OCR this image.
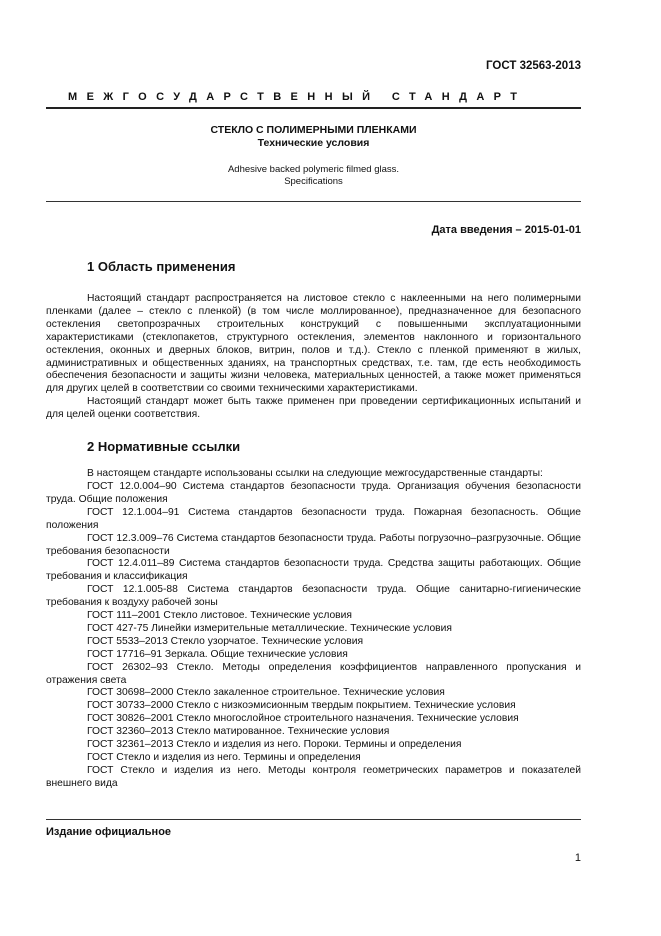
ГОСТ 32563-2013

МЕЖГОСУДАРСТВЕННЫЙ СТАНДАРТ
СТЕКЛО С ПОЛИМЕРНЫМИ ПЛЕНКАМИ
Технические условия
Adhesive backed polymeric filmed glass.
Specifications
Дата введения – 2015-01-01
1 Область применения

Настоящий стандарт распространяется на листовое стекло с наклеенными на него полимерными пленками (далее – стекло с пленкой) (в том числе моллированное), предназначенное для безопасного остекления светопрозрачных строительных конструкций с повышенными эксплуатационными характеристиками (стеклопакетов, структурного остекления, элементов наклонного и горизонтального остекления, оконных и дверных блоков, витрин, полов и т.д.). Стекло с пленкой применяют в жилых, административных и общественных зданиях, на транспортных средствах, т.е. там, где есть необходимость обеспечения безопасности и защиты жизни человека, материальных ценностей, а также может применяться для других целей в соответствии со своими техническими характеристиками.

Настоящий стандарт может быть также применен при проведении сертификационных испытаний и для целей оценки соответствия.

2 Нормативные ссылки

В настоящем стандарте использованы ссылки на следующие межгосударственные стандарты:

ГОСТ 12.0.004–90 Система стандартов безопасности труда. Организация обучения безопасности труда. Общие положения
ГОСТ 12.1.004–91 Система стандартов безопасности труда. Пожарная безопасность. Общие положения
ГОСТ 12.3.009–76 Система стандартов безопасности труда. Работы погрузочно–разгрузочные. Общие требования безопасности
ГОСТ 12.4.011–89 Система стандартов безопасности труда. Средства защиты работающих. Общие требования и классификация
ГОСТ 12.1.005-88 Система стандартов безопасности труда. Общие санитарно-гигиенические требования к воздуху рабочей зоны
ГОСТ 111–2001 Стекло листовое. Технические условия
ГОСТ 427-75 Линейки измерительные металлические. Технические условия
ГОСТ 5533–2013 Стекло узорчатое. Технические условия
ГОСТ 17716–91 Зеркала. Общие технические условия
ГОСТ 26302–93 Стекло. Методы определения коэффициентов направленного пропускания и отражения света
ГОСТ 30698–2000 Стекло закаленное строительное. Технические условия
ГОСТ 30733–2000 Стекло с низкоэмисионным твердым покрытием. Технические условия
ГОСТ 30826–2001 Стекло многослойное строительного назначения. Технические условия
ГОСТ 32360–2013 Стекло матированное. Технические условия
ГОСТ 32361–2013 Стекло и изделия из него. Пороки. Термины и определения
ГОСТ Стекло и изделия из него. Термины и определения
ГОСТ Стекло и изделия из него. Методы контроля геометрических параметров и показателей внешнего вида
Издание официальное
1
